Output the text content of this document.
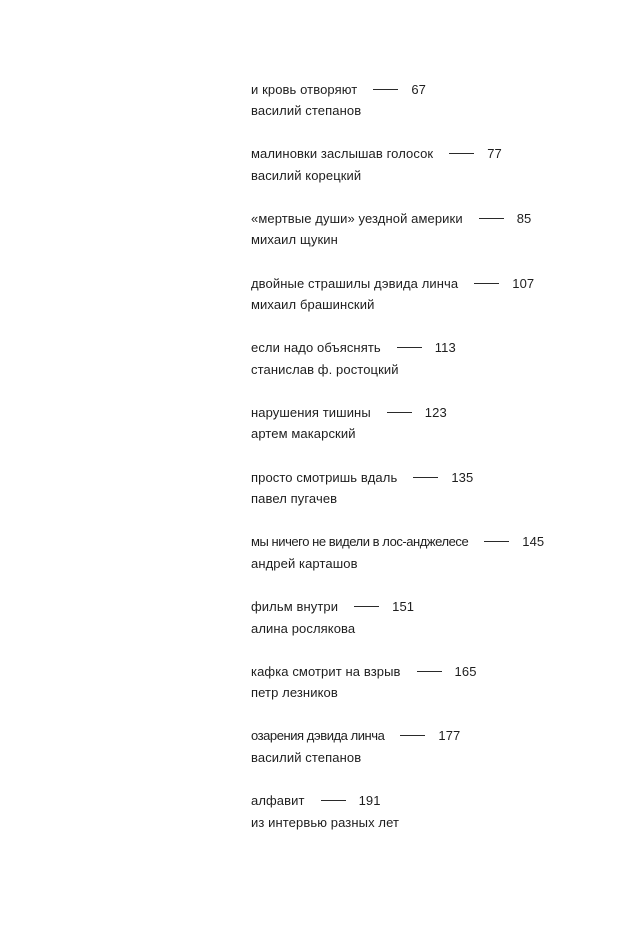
и кровь отворяют	67
василий степанов
малиновки заслышав голосок	77
василий корецкий
«мертвые души» уездной америки	85
михаил щукин
двойные страшилы дэвида линча	107
михаил брашинский
если надо объяснять	113
станислав ф. ростоцкий
нарушения тишины	123
артем макарский
просто смотришь вдаль	135
павел пугачев
мы ничего не видели в лос-анджелесе	145
андрей карташов
фильм внутри	151
алина рослякова
кафка смотрит на взрыв	165
петр лезников
озарения дэвида линча	177
василий степанов
алфавит	191
из интервью разных лет
